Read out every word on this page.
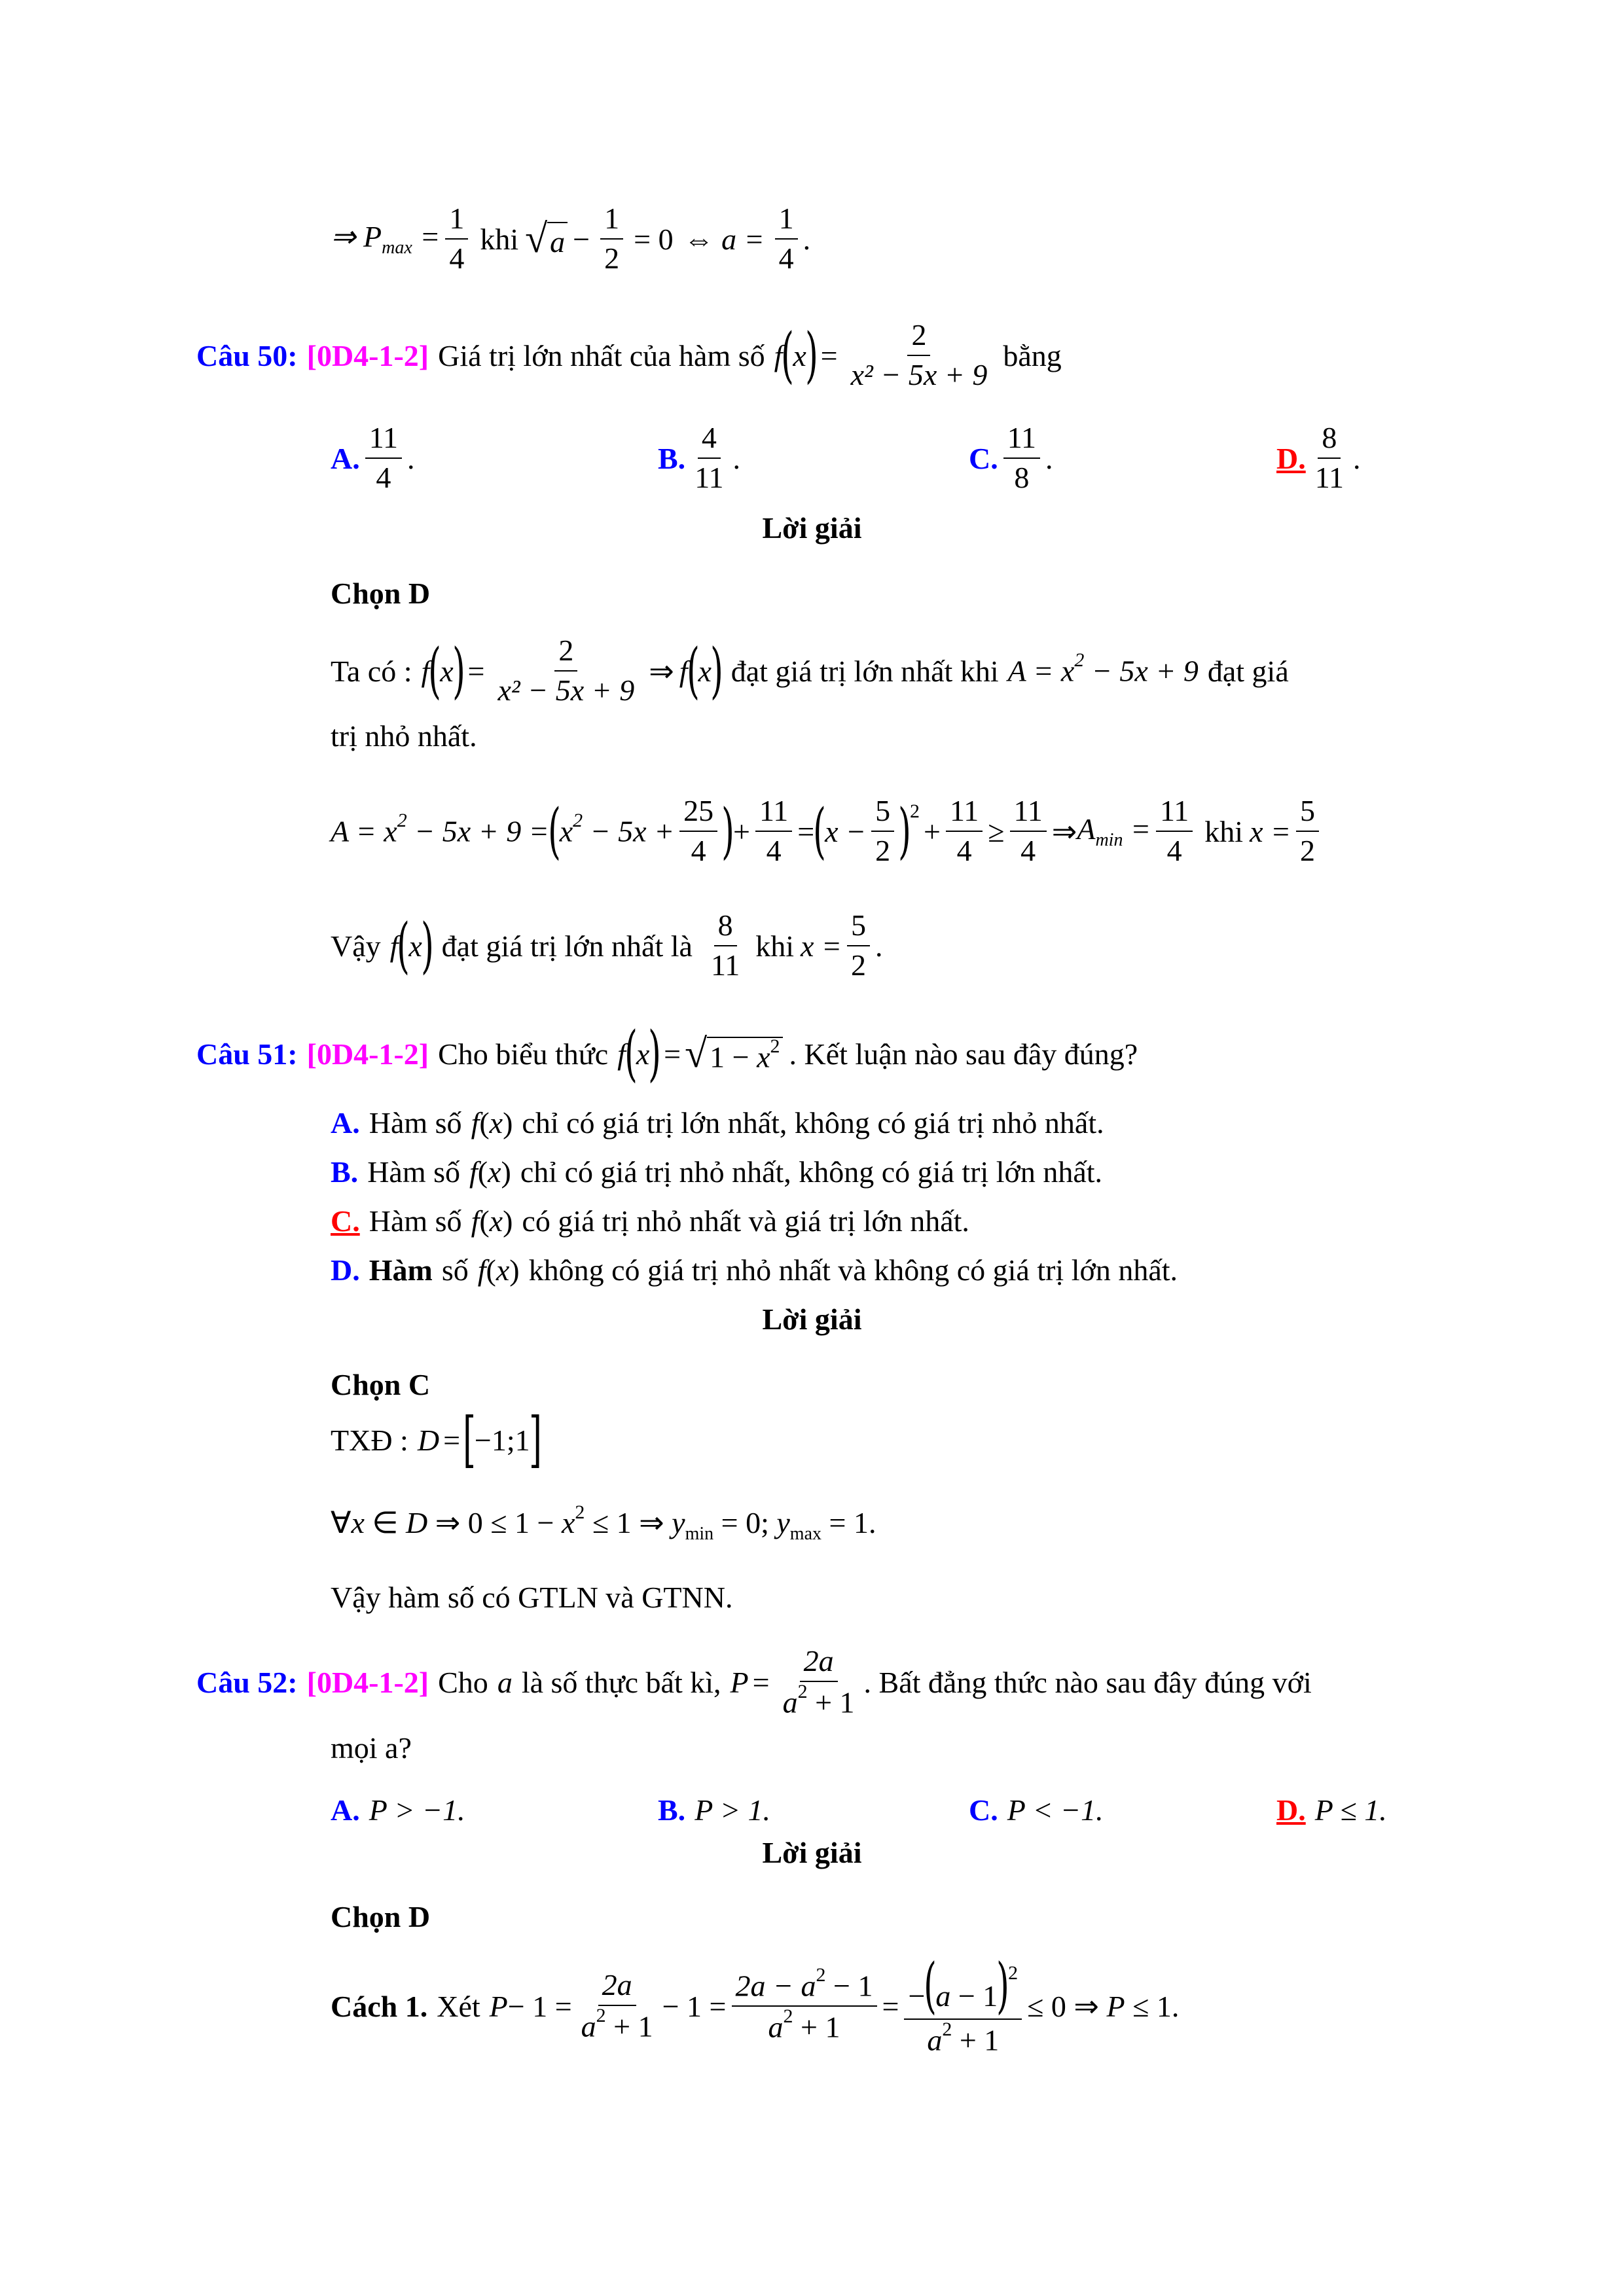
⇒ $P_{max} = \frac{1}{4}$ khi √ $a - \frac{1}{2} = 0$ ⇔ $a = \frac{1}{4}$ .
Câu 50: [0D4-1-2] Giá trị lớn nhất của hàm số f
(
x
) = $\frac{2}{\text{x² − 5x + 9}}$ bằng
A. $\frac{11}{4}$ .	B. $\frac{4}{11}$ .	C. $\frac{11}{8}$ .	D. $\frac{8}{11}$ .
Lời giải
Chọn D
Ta có : f
(
x
) = $\frac{2}{\text{x² − 5x + 9}}$ ⇒ f
(
x
) đạt giá trị lớn nhất khi $A = x^2 - 5x + 9$ đạt giá
trị nhỏ nhất.
$A = x^2 - 5x + 9$ =
(
$x^2 - 5x + \frac{25}{4}$ )
+ $\frac{11}{4}$ =
(
$x - \frac{5}{2}$ )
$^2$
+ $\frac{11}{4} \ge \frac{11}{4}$ ⇒ $A_{min} = \frac{11}{4}$ khi $x = \frac{5}{2}$
Vậy f
(
x
) đạt giá trị lớn nhất là $\frac{8}{11}$ khi $x = \frac{5}{2}$ .
Câu 51: [0D4-1-2] Cho biểu thức f
(
x
) = √ $1 - x^2$ . Kết luận nào sau đây đúng?
A. Hàm số f ( x ) chỉ có giá trị lớn nhất, không có giá trị nhỏ nhất.
B. Hàm số f ( x ) chỉ có giá trị nhỏ nhất, không có giá trị lớn nhất.
C. Hàm số f ( x ) có giá trị nhỏ nhất và giá trị lớn nhất.
D. Hàm số f ( x ) không có giá trị nhỏ nhất và không có giá trị lớn nhất.
Lời giải
Chọn C
TXĐ : D = [
−1;1
]
∀x ∈ D ⇒ $0 \le 1 - x^2 \le 1$ ⇒ $y_{min} = 0$; $y_{max} = 1$.
Vậy hàm số có GTLN và GTNN.
Câu 52: [0D4-1-2] Cho a là số thực bất kì, $P = \frac{2a}{a^2 + 1}$ . Bất đẳng thức nào sau đây đúng với
mọi a?
A. P > −1.	B. P > 1.	C. P < −1.	D. P ≤ 1.
Lời giải
Chọn D
Cách 1. Xét $P - 1 = \frac{2a}{a^2 + 1} - 1 = \frac{2a - a^2 - 1}{a^2 + 1} = \frac{-(a - 1)^2}{a^2 + 1} \le 0$ ⇒ P ≤ 1.
